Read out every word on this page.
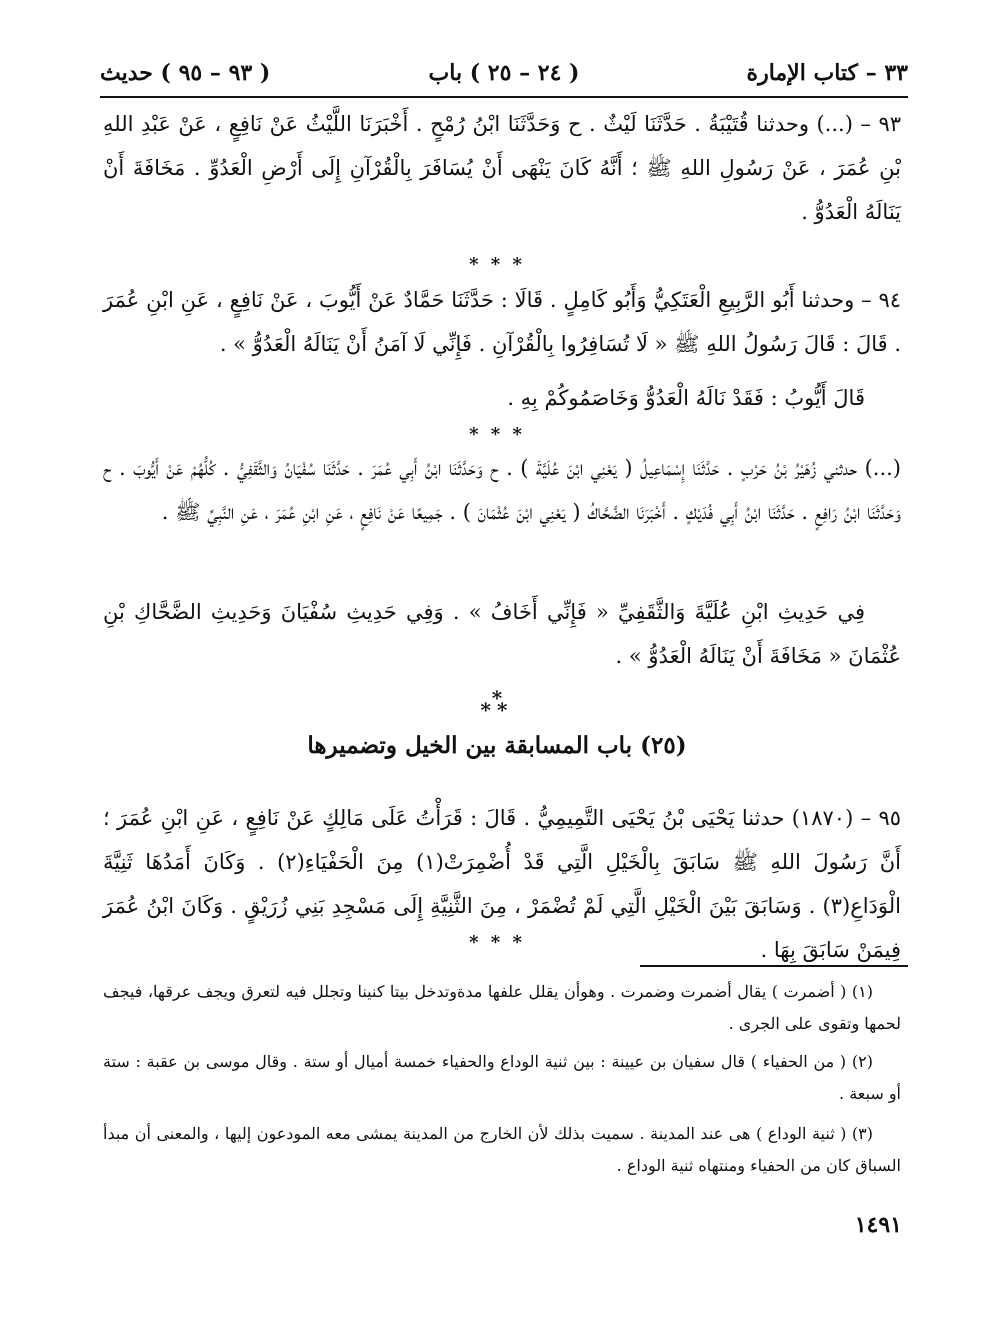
٣٣ – كتاب الإمارة
( ٢٤ – ٢٥ ) باب
( ٩٣ – ٩٥ ) حديث

٩٣ – (...) وحدثنا قُتَيْبَةُ . حَدَّثَنَا لَيْثٌ . ح وَحَدَّثَنَا ابْنُ رُمْحٍ . أَخْبَرَنَا اللَّيْثُ عَنْ نَافِعٍ ، عَنْ عَبْدِ اللهِ بْنِ عُمَرَ ، عَنْ رَسُولِ اللهِ ﷺ ؛ أَنَّهُ كَانَ يَنْهَى أَنْ يُسَافَرَ بِالْقُرْآنِ إِلَى أَرْضِ الْعَدُوِّ . مَخَافَةَ أَنْ يَنَالَهُ الْعَدُوُّ .

* * *

٩٤ – وحدثنا أَبُو الرَّبِيعِ الْعَتَكِيُّ وَأَبُو كَامِلٍ . قَالَا : حَدَّثَنَا حَمَّادٌ عَنْ أَيُّوبَ ، عَنْ نَافِعٍ ، عَنِ ابْنِ عُمَرَ . قَالَ : قَالَ رَسُولُ اللهِ ﷺ « لَا تُسَافِرُوا بِالْقُرْآنِ . فَإِنِّي لَا آمَنُ أَنْ يَنَالَهُ الْعَدُوُّ » .

قَالَ أَيُّوبُ : فَقَدْ نَالَهُ الْعَدُوُّ وَخَاصَمُوكُمْ بِهِ .

* * *

(...) حدثني زُهَيْرُ بْنُ حَرْبٍ . حَدَّثَنَا إِسْمَاعِيلُ ( يَعْنِي ابْنَ عُلَيَّةَ ) . ح وَحَدَّثَنَا ابْنُ أَبِي عُمَرَ . حَدَّثَنَا سُفْيَانُ وَالثَّقَفِيُّ . كُلُّهُمْ عَنْ أَيُّوبَ . ح وَحَدَّثَنَا ابْنُ رَافِعٍ . حَدَّثَنَا ابْنُ أَبِي فُدَيْكٍ . أَخْبَرَنَا الضَّحَّاكُ ( يَعْنِي ابْنَ عُثْمَانَ ) . جَمِيعًا عَنْ نَافِعٍ ، عَنِ ابْنِ عُمَرَ ، عَنِ النَّبِيِّ ﷺ .

فِي حَدِيثِ ابْنِ عُلَيَّةَ وَالثَّقَفِيِّ « فَإِنِّي أَخَافُ » . وَفِي حَدِيثِ سُفْيَانَ وَحَدِيثِ الضَّحَّاكِ بْنِ عُثْمَانَ « مَخَافَةَ أَنْ يَنَالَهُ الْعَدُوُّ » .

*
**
(٢٥) باب المسابقة بين الخيل وتضميرها

٩٥ – (١٨٧٠) حدثنا يَحْيَى بْنُ يَحْيَى التَّمِيمِيُّ . قَالَ : قَرَأْتُ عَلَى مَالِكٍ عَنْ نَافِعٍ ، عَنِ ابْنِ عُمَرَ ؛ أَنَّ رَسُولَ اللهِ ﷺ سَابَقَ بِالْخَيْلِ الَّتِي قَدْ أُضْمِرَتْ(١) مِنَ الْحَفْيَاءِ(٢) . وَكَانَ أَمَدُهَا ثَنِيَّةَ الْوَدَاعِ(٣) . وَسَابَقَ بَيْنَ الْخَيْلِ الَّتِي لَمْ تُضْمَرْ ، مِنَ الثَّنِيَّةِ إِلَى مَسْجِدِ بَنِي زُرَيْقٍ . وَكَانَ ابْنُ عُمَرَ فِيمَنْ سَابَقَ بِهَا .

* * *

(١) ( أضمرت ) يقال أضمرت وضمرت . وهوأن يقلل علفها مدةوتدخل بيتا كنينا وتجلل فيه لتعرق ويجف عرقها، فيجف لحمها وتقوى على الجرى .

(٢) ( من الحفياء ) قال سفيان بن عيينة : بين ثنية الوداع والحفياء خمسة أميال أو ستة . وقال موسى بن عقبة : ستة أو سبعة .

(٣) ( ثنية الوداع ) هى عند المدينة . سميت بذلك لأن الخارج من المدينة يمشى معه المودعون إليها ، والمعنى أن مبدأ السباق كان من الحفياء ومنتهاه ثنية الوداع .

١٤٩١
